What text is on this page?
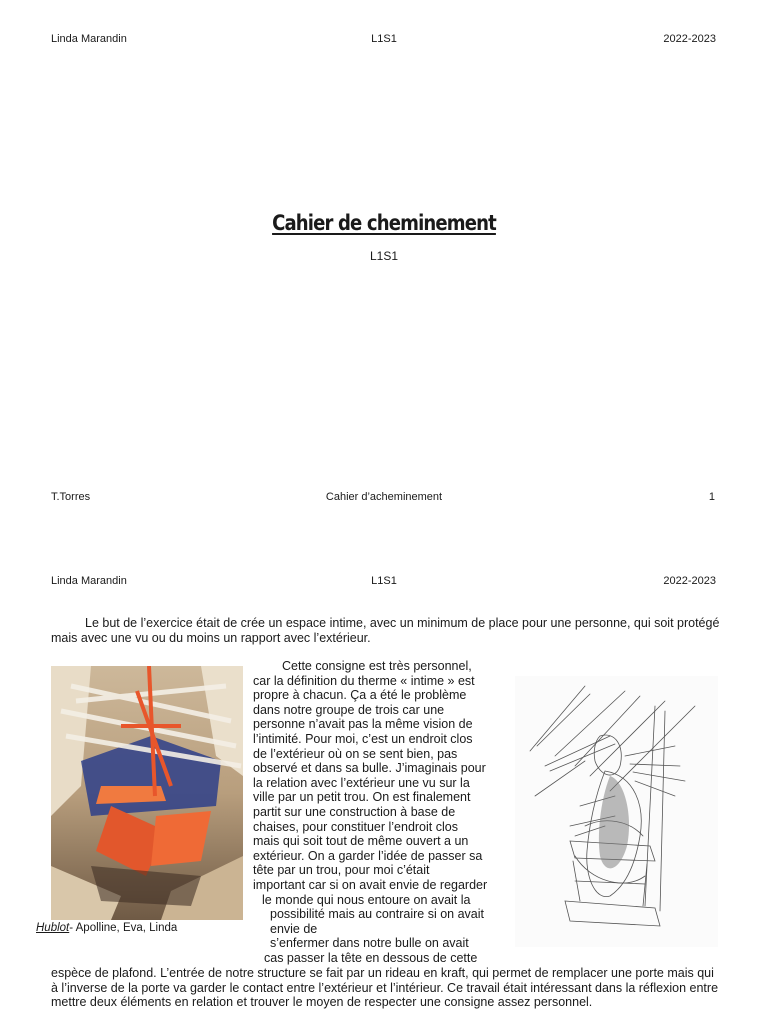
Linda Marandin	L1S1	2022-2023
Cahier de cheminement
L1S1
T.Torres	Cahier d’acheminement	1
Linda Marandin	L1S1	2022-2023

Le but de l’exercice était de crée un espace intime, avec un minimum de place pour une personne, qui soit protégé mais avec une vu ou du moins un rapport avec l’extérieur.

Cette consigne est très personnel,
car la définition du therme « intime » est
propre à chacun. Ça a été le problème
dans notre groupe de trois car une
personne n’avait pas la même vision de
l’intimité. Pour moi, c’est un endroit clos
de l’extérieur où on se sent bien, pas
observé et dans sa bulle. J’imaginais pour
la relation avec l’extérieur une vu sur la
ville par un petit trou. On est finalement
partit sur une construction à base de
chaises, pour constituer l’endroit clos
mais qui soit tout de même ouvert a un
extérieur. On a garder l’idée de passer sa
tête par un trou, pour moi c’était
important car si on avait envie de regarder
le monde qui nous entoure on avait la
possibilité mais au contraire si on avait
envie de
s’enfermer dans notre bulle on avait
cas passer la tête en dessous de cette
Hublot- Apolline, Eva, Linda

espèce de plafond. L’entrée de notre structure se fait par un rideau en kraft, qui permet de remplacer une porte mais qui à l’inverse de la porte va garder le contact entre l’extérieur et l’intérieur. Ce travail était intéressant dans la réflexion entre mettre deux éléments en relation et trouver le moyen de respecter une consigne assez personnel.
